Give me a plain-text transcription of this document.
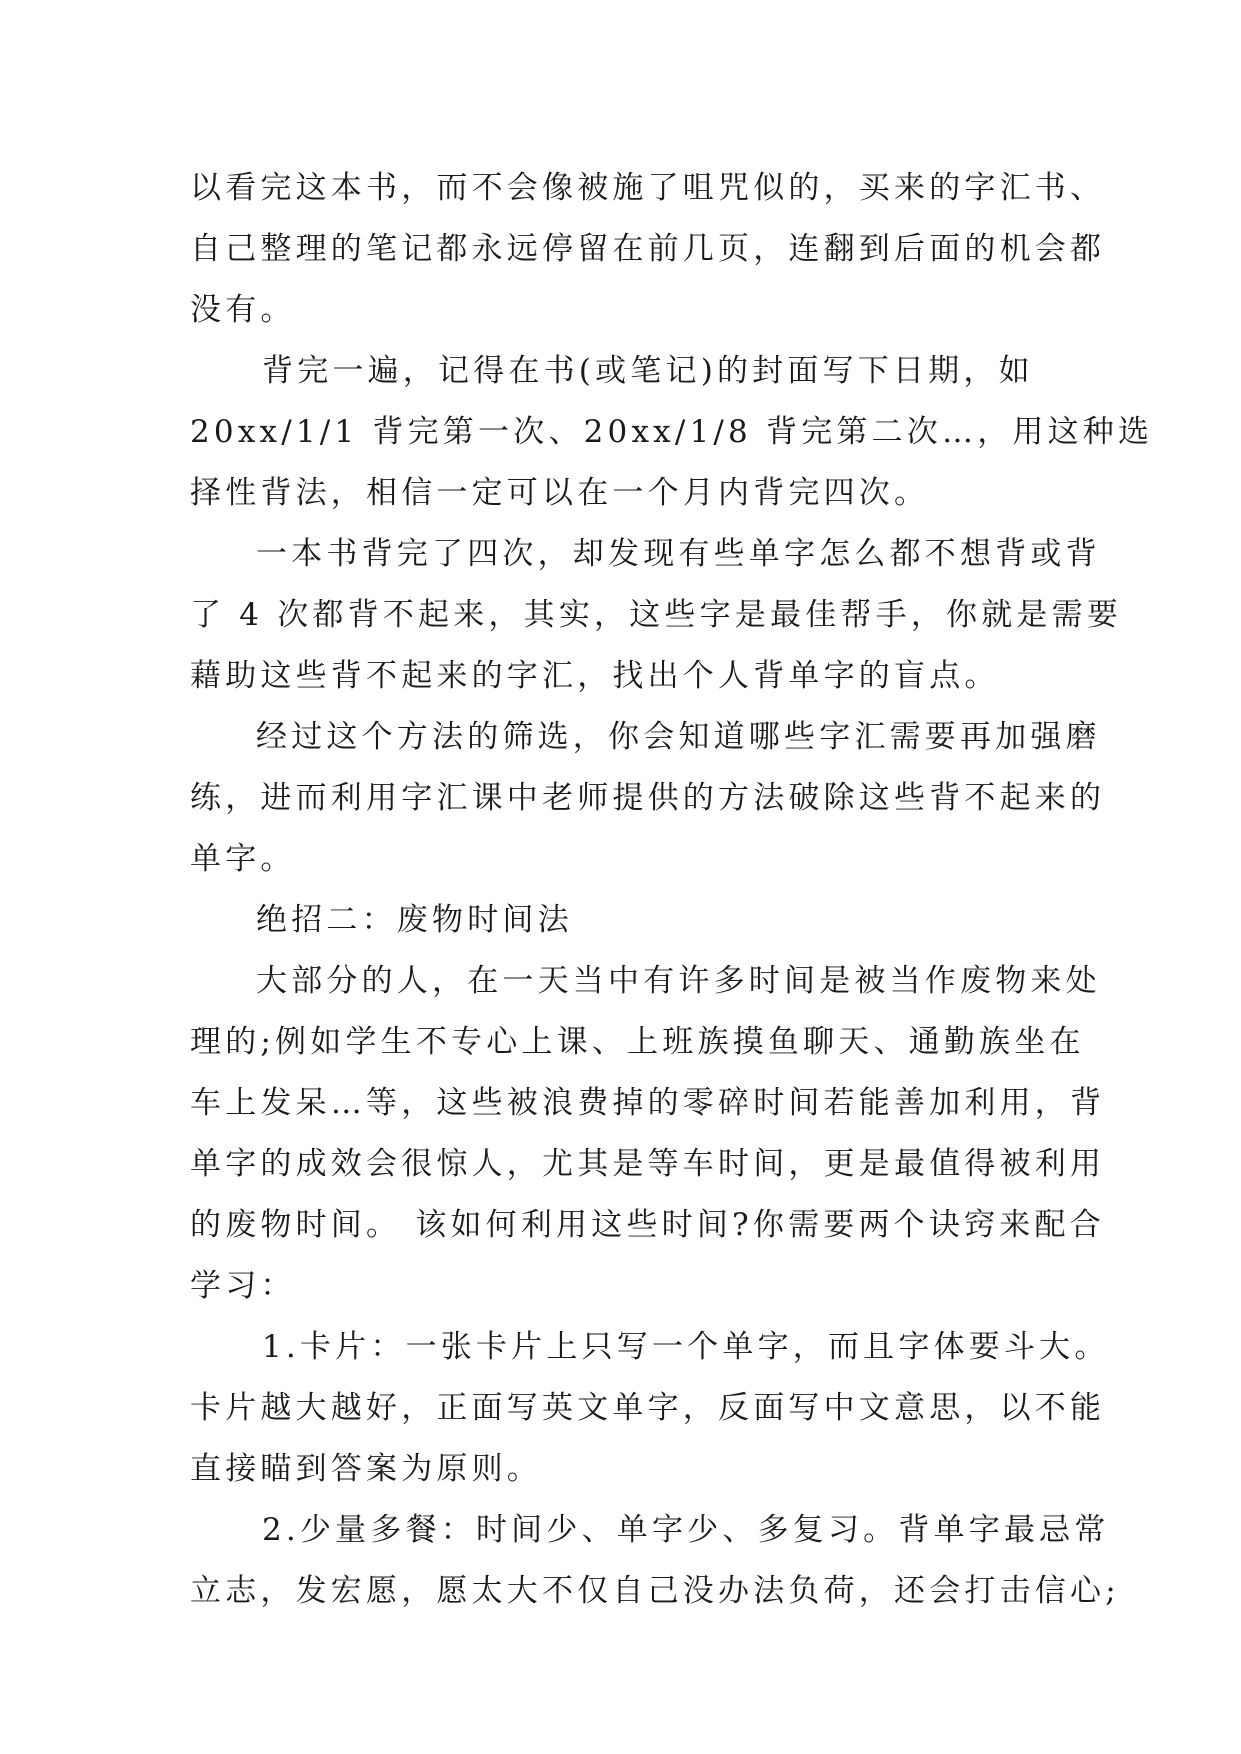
以看完这本书，而不会像被施了咀咒似的，买来的字汇书、
自己整理的笔记都永远停留在前几页，连翻到后面的机会都
没有。
背完一遍，记得在书(或笔记)的封面写下日期，如
20xx/1/1 背完第一次、20xx/1/8 背完第二次…，用这种选
择性背法，相信一定可以在一个月内背完四次。
一本书背完了四次，却发现有些单字怎么都不想背或背
了 4 次都背不起来，其实，这些字是最佳帮手，你就是需要
藉助这些背不起来的字汇，找出个人背单字的盲点。
经过这个方法的筛选，你会知道哪些字汇需要再加强磨
练，进而利用字汇课中老师提供的方法破除这些背不起来的
单字。
绝招二：废物时间法
大部分的人，在一天当中有许多时间是被当作废物来处
理的;例如学生不专心上课、上班族摸鱼聊天、通勤族坐在
车上发呆…等，这些被浪费掉的零碎时间若能善加利用，背
单字的成效会很惊人，尤其是等车时间，更是最值得被利用
的废物时间。 该如何利用这些时间?你需要两个诀窍来配合
学习：
1.卡片：一张卡片上只写一个单字，而且字体要斗大。
卡片越大越好，正面写英文单字，反面写中文意思，以不能
直接瞄到答案为原则。
2.少量多餐：时间少、单字少、多复习。背单字最忌常
立志，发宏愿，愿太大不仅自己没办法负荷，还会打击信心;
